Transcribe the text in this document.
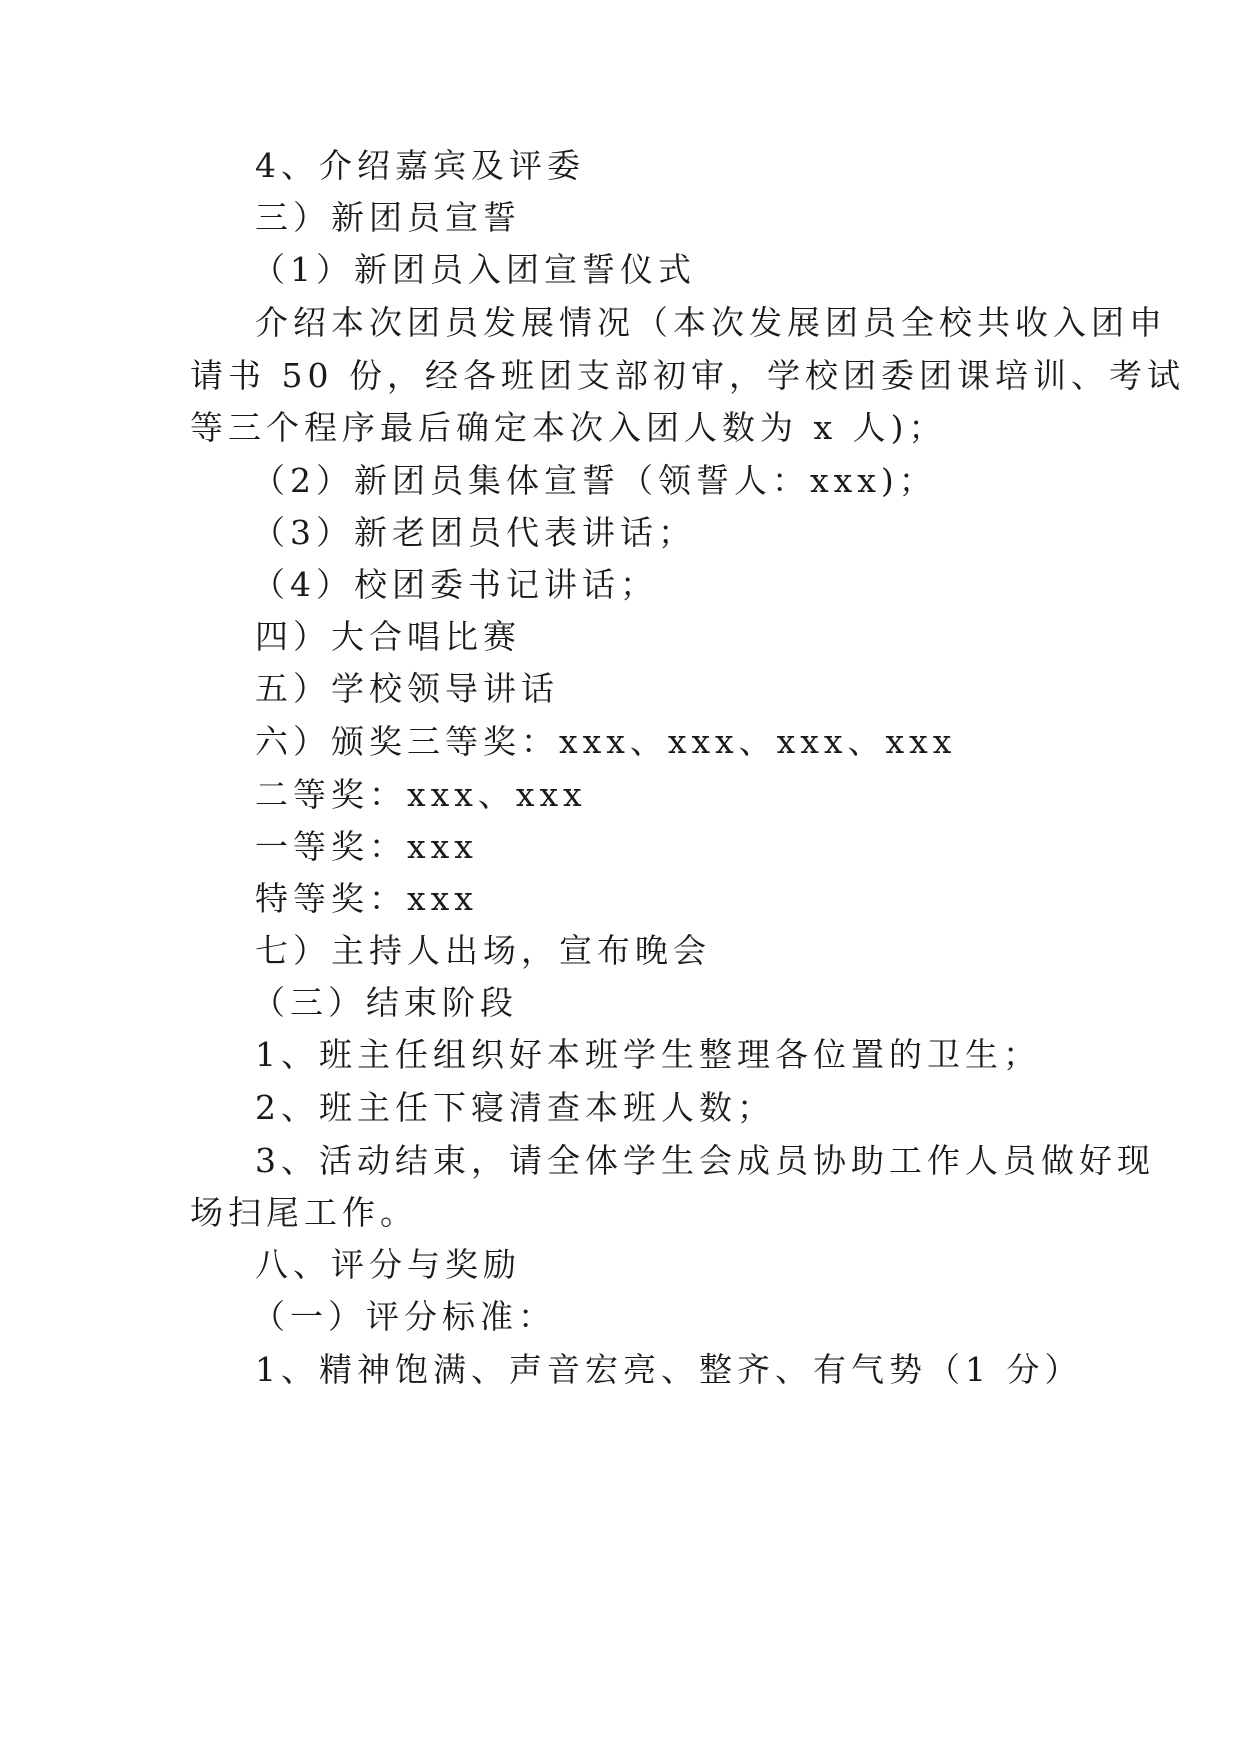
4、介绍嘉宾及评委
三）新团员宣誓
（1）新团员入团宣誓仪式
介绍本次团员发展情况（本次发展团员全校共收入团申
请书 50 份，经各班团支部初审，学校团委团课培训、考试
等三个程序最后确定本次入团人数为 x 人)；
（2）新团员集体宣誓（领誓人：xxx)；
（3）新老团员代表讲话；
（4）校团委书记讲话；
四）大合唱比赛
五）学校领导讲话
六）颁奖三等奖：xxx、xxx、xxx、xxx
二等奖：xxx、xxx
一等奖：xxx
特等奖：xxx
七）主持人出场，宣布晚会
（三）结束阶段
1、班主任组织好本班学生整理各位置的卫生；
2、班主任下寝清查本班人数；
3、活动结束，请全体学生会成员协助工作人员做好现
场扫尾工作。
八、评分与奖励
（一）评分标准：
1、精神饱满、声音宏亮、整齐、有气势（1 分）
